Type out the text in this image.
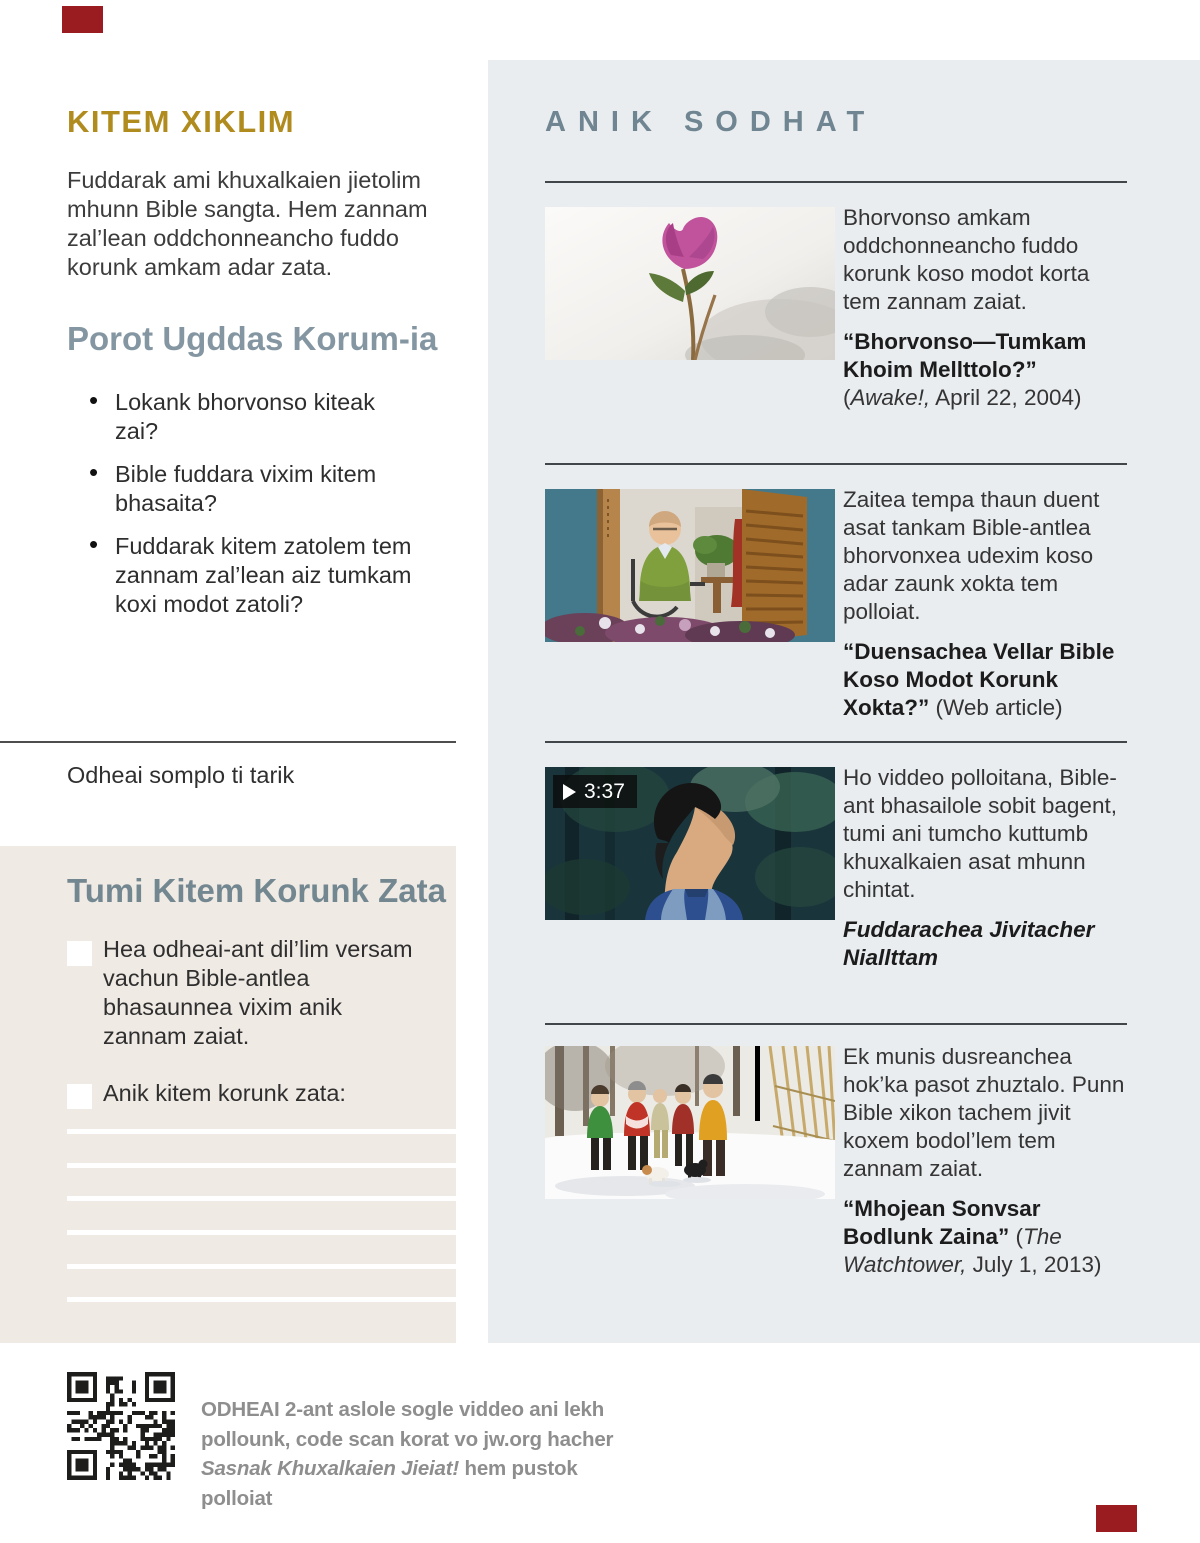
KITEM XIKLIM
Fuddarak ami khuxalkaien jietolim mhunn Bible sangta. Hem zannam zal’lean oddchonneancho fuddo korunk amkam adar zata.
Porot Ugddas Korum-ia
• Lokank bhorvonso kiteak zai?
• Bible fuddara vixim kitem bhasaita?
• Fuddarak kitem zatolem tem zannam zal’lean aiz tumkam koxi modot zatoli?
Odheai somplo ti tarik
Tumi Kitem Korunk Zata
Hea odheai-ant dil’lim versam vachun Bible-antlea bhasaunnea vixim anik zannam zaiat.
Anik kitem korunk zata:
ODHEAI 2-ant aslole sogle viddeo ani lekh
pollounk, code scan korat vo jw.org hacher
Sasnak Khuxalkaien Jieiat! hem pustok polloiat
ANIK SODHAT

Bhorvonso amkam oddchonneancho fuddo korunk koso modot korta tem zannam zaiat.

“Bhorvonso—Tumkam Khoim Mellttolo?” (Awake!, April 22, 2004)

Zaitea tempa thaun duent asat tankam Bible-antlea bhorvonxea udexim koso adar zaunk xokta tem polloiat.

“Duensachea Vellar Bible Koso Modot Korunk Xokta?” (Web article)

3:37

Ho viddeo polloitana, Bible-ant bhasailole sobit bagent, tumi ani tumcho kuttumb khuxalkaien asat mhunn chintat.

Fuddarachea Jivitacher Niallttam

Ek munis dusreanchea hok’ka pasot zhuztalo. Punn Bible xikon tachem jivit koxem bodol’lem tem zannam zaiat.

“Mhojean Sonvsar Bodlunk Zaina” (The Watchtower, July 1, 2013)
